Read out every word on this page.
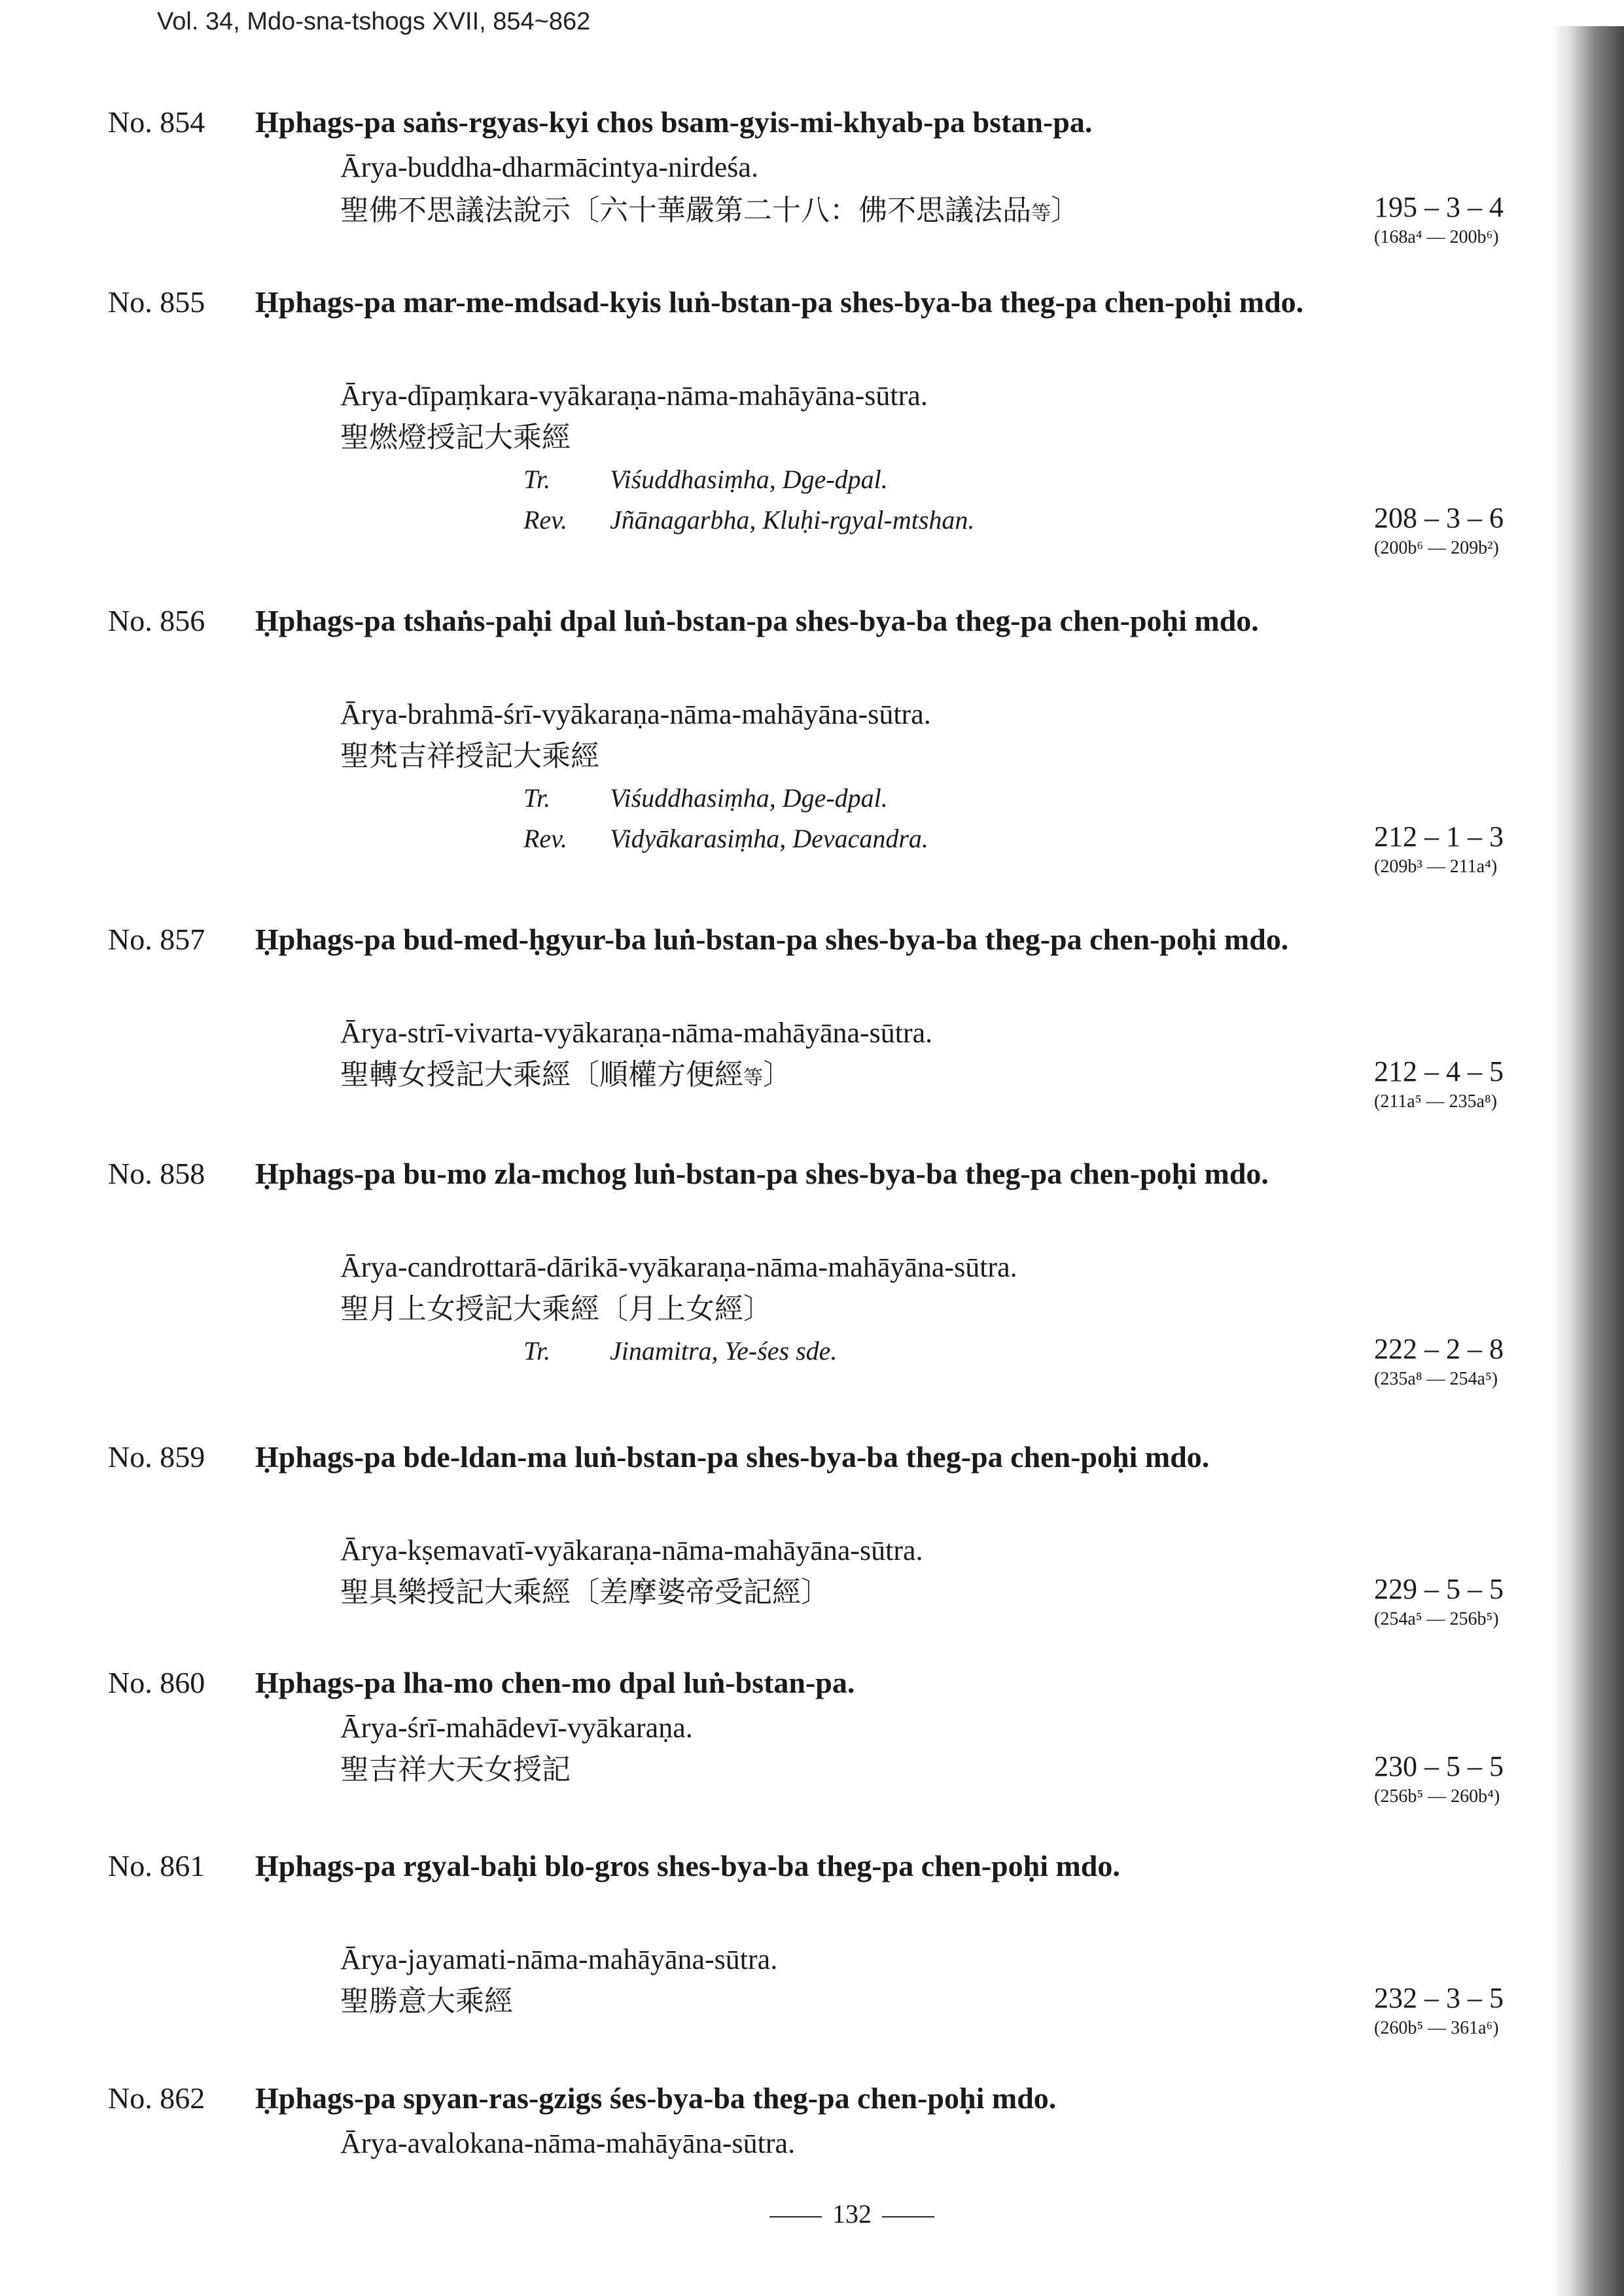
Vol. 34, Mdo-sna-tshogs XVII, 854~862
No. 854 Ḥphags-pa saṅs-rgyas-kyi chos bsam-gyis-mi-khyab-pa bstan-pa.
Ārya-buddha-dharmācintya-nirdeśa.
聖佛不思議法說示〔六十華嚴第二十八：佛不思議法品等〕	195 – 3 – 4
(168a⁴ — 200b⁶)
No. 855 Ḥphags-pa mar-me-mdsad-kyis luṅ-bstan-pa shes-bya-ba theg-pa chen-poḥi mdo.
Ārya-dīpaṃkara-vyākaraṇa-nāma-mahāyāna-sūtra.
聖燃燈授記大乘經
Tr. Viśuddhasiṃha, Dge-dpal.
Rev. Jñānagarbha, Kluḥi-rgyal-mtshan.	208 – 3 – 6
(200b⁶ — 209b²)
No. 856 Ḥphags-pa tshaṅs-paḥi dpal luṅ-bstan-pa shes-bya-ba theg-pa chen-poḥi mdo.
Ārya-brahmā-śrī-vyākaraṇa-nāma-mahāyāna-sūtra.
聖梵吉祥授記大乘經
Tr. Viśuddhasiṃha, Dge-dpal.
Rev. Vidyākarasiṃha, Devacandra.	212 – 1 – 3
(209b³ — 211a⁴)
No. 857 Ḥphags-pa bud-med-ḥgyur-ba luṅ-bstan-pa shes-bya-ba theg-pa chen-poḥi mdo.
Ārya-strī-vivarta-vyākaraṇa-nāma-mahāyāna-sūtra.
聖轉女授記大乘經〔順權方便經等〕	212 – 4 – 5
(211a⁵ — 235a⁸)
No. 858 Ḥphags-pa bu-mo zla-mchog luṅ-bstan-pa shes-bya-ba theg-pa chen-poḥi mdo.
Ārya-candrottarā-dārikā-vyākaraṇa-nāma-mahāyāna-sūtra.
聖月上女授記大乘經〔月上女經〕
Tr. Jinamitra, Ye-śes sde.	222 – 2 – 8
(235a⁸ — 254a⁵)
No. 859 Ḥphags-pa bde-ldan-ma luṅ-bstan-pa shes-bya-ba theg-pa chen-poḥi mdo.
Ārya-kṣemavatī-vyākaraṇa-nāma-mahāyāna-sūtra.
聖具樂授記大乘經〔差摩婆帝受記經〕	229 – 5 – 5
(254a⁵ — 256b⁵)
No. 860 Ḥphags-pa lha-mo chen-mo dpal luṅ-bstan-pa.
Ārya-śrī-mahādevī-vyākaraṇa.
聖吉祥大天女授記	230 – 5 – 5
(256b⁵ — 260b⁴)
No. 861 Ḥphags-pa rgyal-baḥi blo-gros shes-bya-ba theg-pa chen-poḥi mdo.
Ārya-jayamati-nāma-mahāyāna-sūtra.
聖勝意大乘經	232 – 3 – 5
(260b⁵ — 361a⁶)
No. 862 Ḥphags-pa spyan-ras-gzigs śes-bya-ba theg-pa chen-poḥi mdo.
Ārya-avalokana-nāma-mahāyāna-sūtra.
132
